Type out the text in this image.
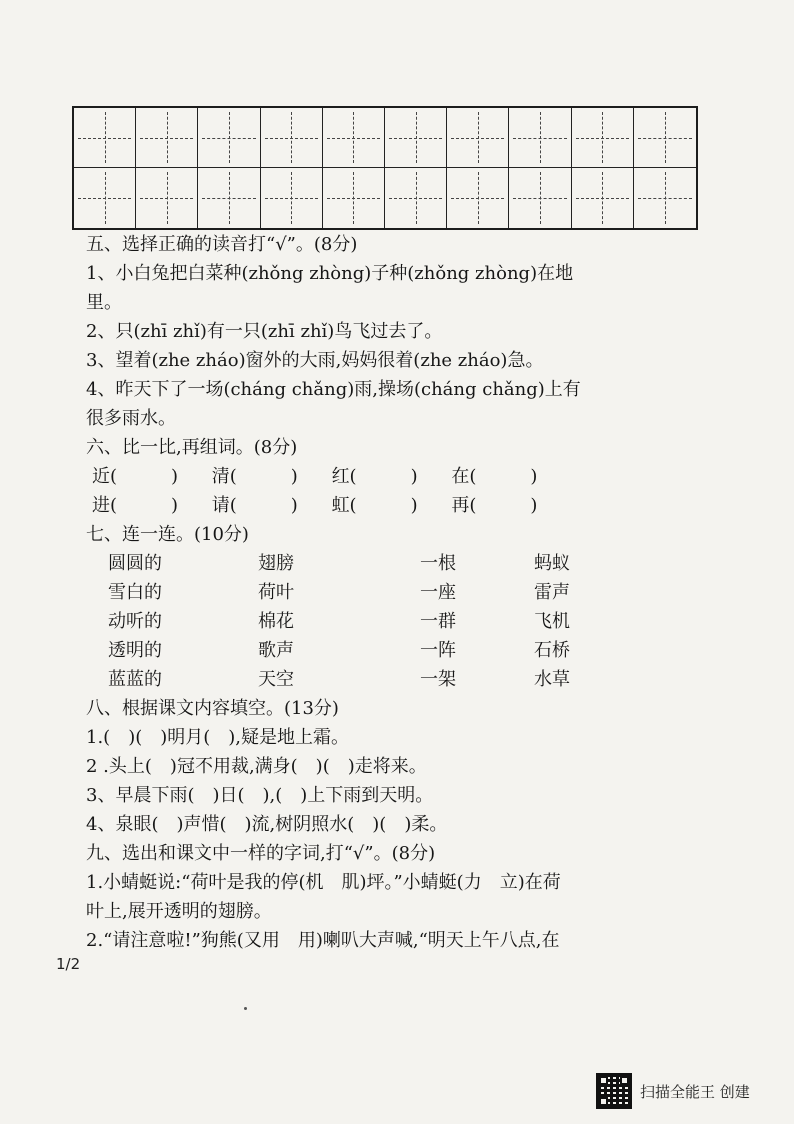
五、选择正确的读音打“√”。(8分)
1、小白兔把白菜种(zhǒng zhòng)子种(zhǒng zhòng)在地
里。
2、只(zhī zhǐ)有一只(zhī zhǐ)鸟飞过去了。
3、望着(zhe zháo)窗外的大雨,妈妈很着(zhe zháo)急。
4、昨天下了一场(cháng chǎng)雨,操场(cháng chǎng)上有
很多雨水。
六、比一比,再组词。(8分)
近(　　　) 清(　　　) 红(　　　) 在(　　　)
进(　　　) 请(　　　) 虹(　　　) 再(　　　)
七、连一连。(10分)
圆圆的	翅膀	一根	蚂蚁
雪白的	荷叶	一座	雷声
动听的	棉花	一群	飞机
透明的	歌声	一阵	石桥
蓝蓝的	天空	一架	水草
八、根据课文内容填空。(13分)
1.(　)(　)明月(　),疑是地上霜。
2 .头上(　)冠不用裁,满身(　)(　)走将来。
3、早晨下雨(　)日(　),(　)上下雨到天明。
4、泉眼(　)声惜(　)流,树阴照水(　)(　)柔。
九、选出和课文中一样的字词,打“√”。(8分)
1.小蜻蜓说:“荷叶是我的停(机　肌)坪。”小蜻蜓(力　立)在荷
叶上,展开透明的翅膀。
2.“请注意啦!”狗熊(又用　用)喇叭大声喊,“明天上午八点,在
1/2
扫描全能王 创建
